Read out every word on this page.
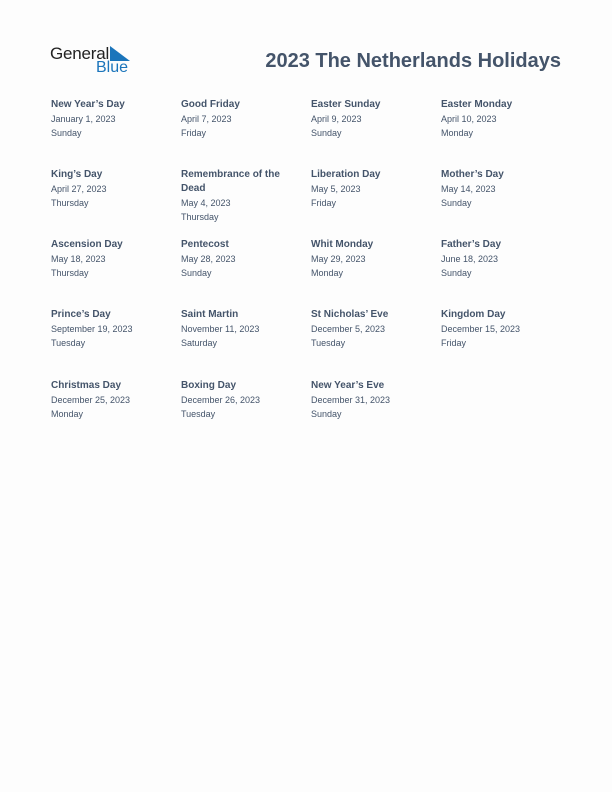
General
Blue	2023 The Netherlands Holidays
New Year’s Day
January 1, 2023
Sunday
Good Friday
April 7, 2023
Friday
Easter Sunday
April 9, 2023
Sunday
Easter Monday
April 10, 2023
Monday
King’s Day
April 27, 2023
Thursday
Remembrance of the Dead
May 4, 2023
Thursday
Liberation Day
May 5, 2023
Friday
Mother’s Day
May 14, 2023
Sunday
Ascension Day
May 18, 2023
Thursday
Pentecost
May 28, 2023
Sunday
Whit Monday
May 29, 2023
Monday
Father’s Day
June 18, 2023
Sunday
Prince’s Day
September 19, 2023
Tuesday
Saint Martin
November 11, 2023
Saturday
St Nicholas’ Eve
December 5, 2023
Tuesday
Kingdom Day
December 15, 2023
Friday
Christmas Day
December 25, 2023
Monday
Boxing Day
December 26, 2023
Tuesday
New Year’s Eve
December 31, 2023
Sunday
